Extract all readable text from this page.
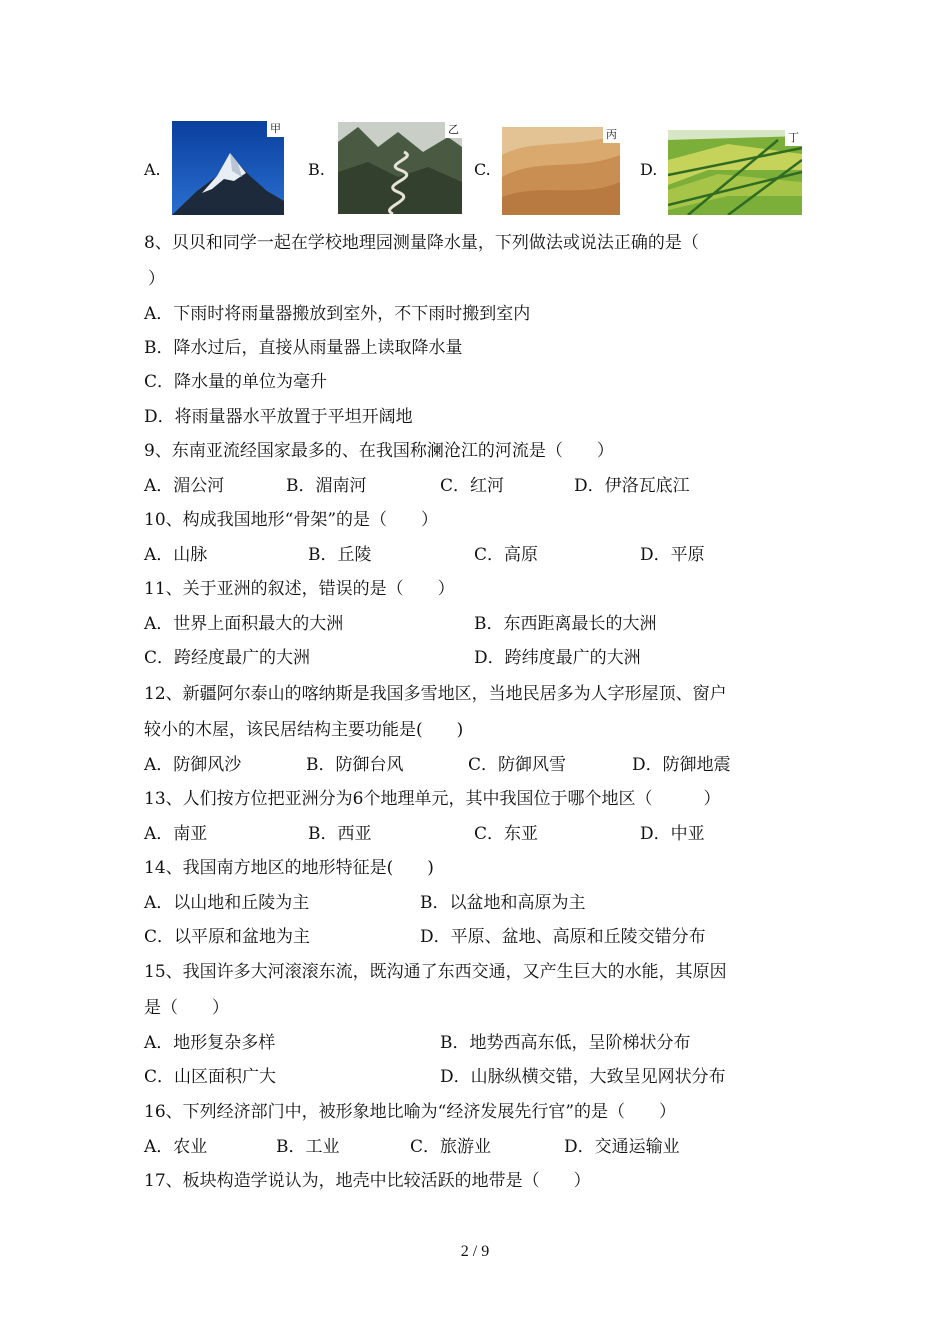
A.
甲
B.
乙
C.
丙
D.
丁
8、贝贝和同学一起在学校地理园测量降水量，下列做法或说法正确的是（
）
A．下雨时将雨量器搬放到室外，不下雨时搬到室内
B．降水过后，直接从雨量器上读取降水量
C．降水量的单位为毫升
D．将雨量器水平放置于平坦开阔地
9、东南亚流经国家最多的、在我国称澜沧江的河流是（　　）
A．湄公河	B．湄南河	C．红河	D．伊洛瓦底江
10、构成我国地形“骨架”的是（　　）
A．山脉	B．丘陵	C．高原	D．平原
11、关于亚洲的叙述，错误的是（　　）
A．世界上面积最大的大洲	B．东西距离最长的大洲
C．跨经度最广的大洲	D．跨纬度最广的大洲
12、新疆阿尔泰山的喀纳斯是我国多雪地区，当地民居多为人字形屋顶、窗户
较小的木屋，该民居结构主要功能是(　　)
A．防御风沙	B．防御台风	C．防御风雪	D．防御地震
13、人们按方位把亚洲分为6个地理单元，其中我国位于哪个地区（　　　）
A．南亚	B．西亚	C．东亚	D．中亚
14、我国南方地区的地形特征是(　　)
A．以山地和丘陵为主	B．以盆地和高原为主
C．以平原和盆地为主	D．平原、盆地、高原和丘陵交错分布
15、我国许多大河滚滚东流，既沟通了东西交通，又产生巨大的水能，其原因
是（　　）
A．地形复杂多样	B．地势西高东低，呈阶梯状分布
C．山区面积广大	D．山脉纵横交错，大致呈见网状分布
16、下列经济部门中，被形象地比喻为“经济发展先行官”的是（　　）
A．农业	B．工业	C．旅游业	D．交通运输业
17、板块构造学说认为，地壳中比较活跃的地带是（　　）
2 / 9
